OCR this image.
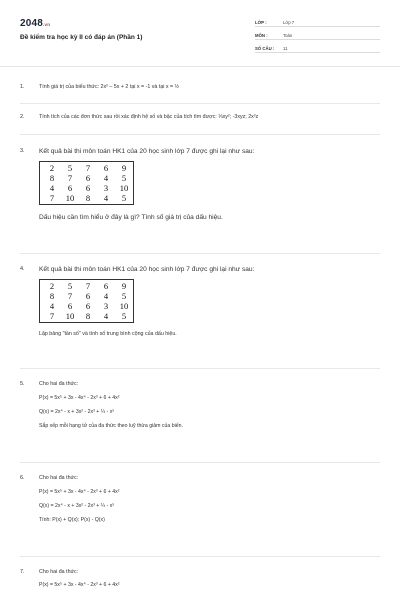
2048.vn
Đề kiểm tra học kỳ II có đáp án (Phần 1)
LỚP :	Lớp 7
MÔN :	Toán
SỐ CÂU :	11
1.	Tính giá trị của biểu thức: 2x² – 5x + 2 tại x = -1 và tại x = ½
2.	Tính tích của các đơn thức sau rồi xác định hệ số và bậc của tích tìm được: ⅓xy²; -3xyz; 2x²z
3. Kết quả bài thi môn toán HK1 của 20 học sinh lớp 7 được ghi lại như sau:
2	5	7	6	9
8	7	6	4	5
4	6	6	3	10
7	10	8	4	5
Dấu hiệu cần tìm hiểu ở đây là gì? Tính số giá trị của dấu hiệu.
4. Kết quả bài thi môn toán HK1 của 20 học sinh lớp 7 được ghi lại như sau:
2	5	7	6	9
8	7	6	4	5
4	6	6	3	10
7	10	8	4	5
Lập bảng "tần số" và tính số trung bình cộng của dấu hiệu.
5.	Cho hai đa thức:
P(x) = 5x⁵ + 3x - 4x⁴ - 2x³ + 6 + 4x²
Q(x) = 2x⁴ - x + 3x² - 2x³ + ¼ - x⁵
Sắp xếp mỗi hạng tử của đa thức theo luỹ thừa giảm của biến.
6.	Cho hai đa thức:
P(x) = 5x⁵ + 3x - 4x⁴ - 2x³ + 6 + 4x²
Q(x) = 2x⁴ - x + 3x² - 2x³ + ¼ - x⁵
Tính: P(x) + Q(x); P(x) - Q(x)
7.	Cho hai đa thức:
P(x) = 5x⁵ + 3x - 4x⁴ - 2x³ + 6 + 4x²
